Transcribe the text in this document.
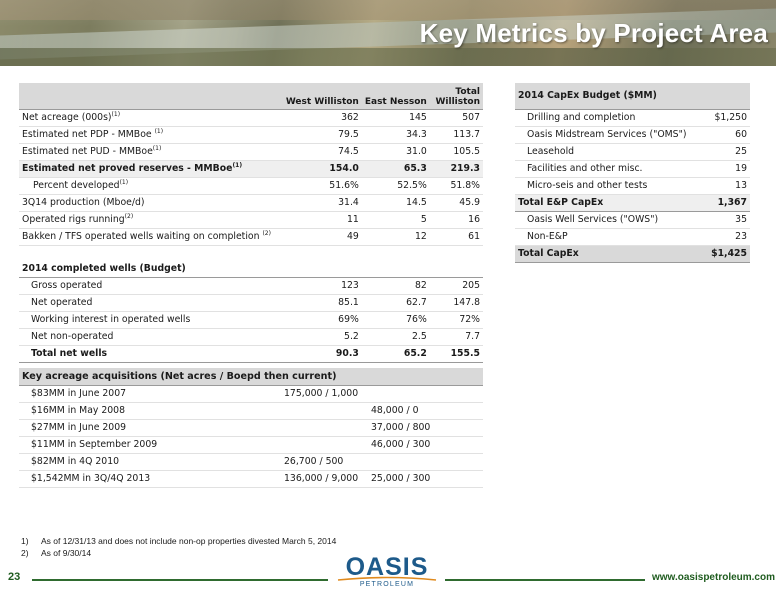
Key Metrics by Project Area
	West Williston	East Nesson	Total
Williston
Net acreage $(000s)^{(1)}$	362	145	507
Estimated net PDP - MMBoe $^{(1)}$	79.5	34.3	113.7
Estimated net PUD - MMBoe$^{(1)}$	74.5	31.0	105.5
Estimated net proved reserves - MMBoe$^{(1)}$	154.0	65.3	219.3
Percent developed$^{(1)}$	51.6%	52.5%	51.8%
3Q14 production (Mboe/d)	31.4	14.5	45.9
Operated rigs running$^{(2)}$	11	5	16
Bakken / TFS operated wells waiting on completion $^{(2)}$	49	12	61

2014 completed wells (Budget)			
Gross operated	123	82	205
Net operated	85.1	62.7	147.8
Working interest in operated wells	69%	76%	72%
Net non-operated	5.2	2.5	7.7
Total net wells	90.3	65.2	155.5
2014 CapEx Budget ($MM)	
Drilling and completion	$1,250
Oasis Midstream Services ("OMS")	60
Leasehold	25
Facilities and other misc.	19
Micro-seis and other tests	13
Total E&P CapEx	1,367
Oasis Well Services ("OWS")	35
Non-E&P	23
Total CapEx	$1,425
Key acreage acquisitions (Net acres / Boepd then current)		
$83MM in June 2007	175,000 / 1,000	
$16MM in May 2008		48,000 / 0
$27MM in June 2009		37,000 / 800
$11MM in September 2009		46,000 / 300
$82MM in 4Q 2010	26,700 / 500	
$1,542MM in 3Q/4Q 2013	136,000 / 9,000	25,000 / 300
1)	As of 12/31/13 and does not include non-op properties divested March 5, 2014
2)	As of 9/30/14
23	OASIS
PETROLEUM
www.oasispetroleum.com
